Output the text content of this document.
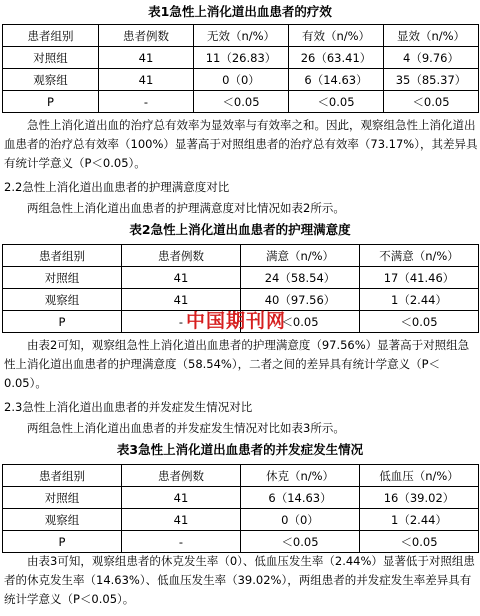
表1急性上消化道出血患者的疗效
患者组别	患者例数	无效（n/%）	有效（n/%）	显效（n/%）
对照组	41	11（26.83）	26（63.41）	4（9.76）
观察组	41	0（0）	6（14.63）	35（85.37）
P	-	＜0.05	＜0.05	＜0.05
急性上消化道出血的治疗总有效率为显效率与有效率之和。因此，观察组急性上消化道出血患者的治疗总有效率（100%）显著高于对照组患者的治疗总有效率（73.17%），其差异具有统计学意义（P＜0.05）。
2.2急性上消化道出血患者的护理满意度对比
两组急性上消化道出血患者的护理满意度对比情况如表2所示。
表2急性上消化道出血患者的护理满意度
患者组别	患者例数	满意（n/%）	不满意（n/%）
对照组	41	24（58.54）	17（41.46）
观察组	41	40（97.56）	1（2.44）
P	-	＜0.05	＜0.05
中国期刊网
由表2可知，观察组急性上消化道出血患者的护理满意度（97.56%）显著高于对照组急性上消化道出血患者的护理满意度（58.54%），二者之间的差异具有统计学意义（P＜0.05）。
2.3急性上消化道出血患者的并发症发生情况对比
两组急性上消化道出血患者的并发症发生情况对比如表3所示。
表3急性上消化道出血患者的并发症发生情况
患者组别	患者例数	休克（n/%）	低血压（n/%）
对照组	41	6（14.63）	16（39.02）
观察组	41	0（0）	1（2.44）
P	-	＜0.05	＜0.05
由表3可知，观察组患者的休克发生率（0）、低血压发生率（2.44%）显著低于对照组患者的休克发生率（14.63%）、低血压发生率（39.02%），两组患者的并发症发生率差异具有统计学意义（P＜0.05）。
